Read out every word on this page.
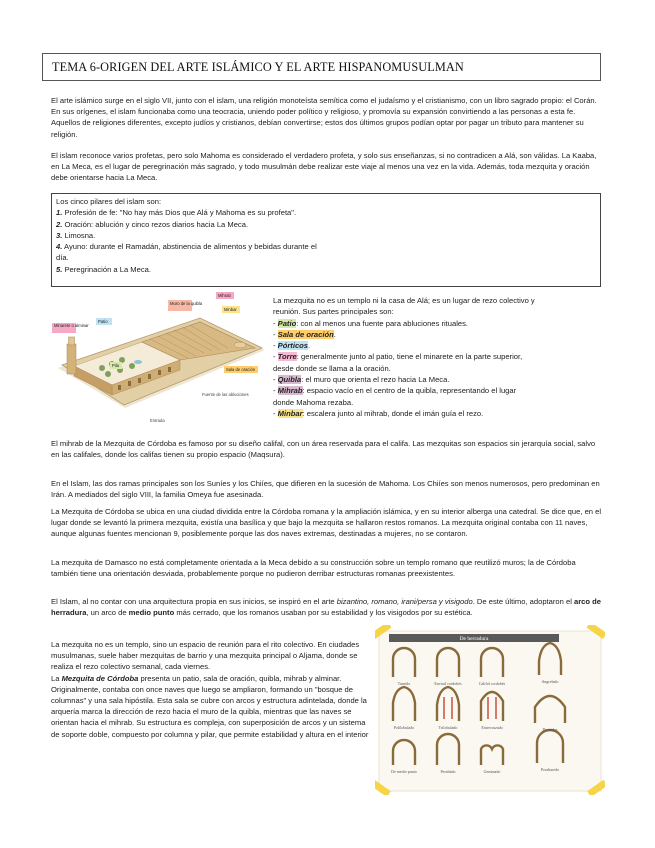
TEMA 6-ORIGEN DEL ARTE ISLÁMICO Y EL ARTE HISPANOMUSULMAN

El arte islámico surge en el siglo VII, junto con el islam, una religión monoteísta semítica como el judaísmo y el cristianismo, con un libro sagrado propio: el Corán. En sus orígenes, el islam funcionaba como una teocracia, uniendo poder político y religioso, y promovía su expansión convirtiendo a las personas a esta fe. Aquellos de religiones diferentes, excepto judíos y cristianos, debían convertirse; estos dos últimos grupos podían optar por pagar un tributo para mantener su religión.

El islam reconoce varios profetas, pero solo Mahoma es considerado el verdadero profeta, y solo sus enseñanzas, si no contradicen a Alá, son válidas. La Kaaba, en La Meca, es el lugar de peregrinación más sagrado, y todo musulmán debe realizar este viaje al menos una vez en la vida. Además, toda mezquita y oración debe orientarse hacia La Meca.

Los cinco pilares del islam son:
1. Profesión de fe: "No hay más Dios que Alá y Mahoma es su profeta".
2. Oración: ablución y cinco rezos diarios hacia La Meca.
3. Limosna.
4. Ayuno: durante el Ramadán, abstinencia de alimentos y bebidas durante el
día.
5. Peregrinación a La Meca.
Minarete o alminar
Patio
Muro de la quibla
Mihrab
Minbar
Sala de oración
Pila
Fuente de las abluciones
Entrada
La mezquita no es un templo ni la casa de Alá; es un lugar de rezo colectivo y
reunión. Sus partes principales son:
- Patio: con al menos una fuente para abluciones rituales.
- Sala de oración.
- Pórticos.
- Torre: generalmente junto al patio, tiene el minarete en la parte superior,
desde donde se llama a la oración.
- Quibla: el muro que orienta el rezo hacia La Meca.
- Mihrab: espacio vacío en el centro de la quibla, representando el lugar
donde Mahoma rezaba.
- Minbar: escalera junto al mihrab, donde el imán guía el rezo.

El mihrab de la Mezquita de Córdoba es famoso por su diseño califal, con un área reservada para el califa. Las mezquitas son espacios sin jerarquía social, salvo en las califales, donde los califas tienen su propio espacio (Maqsura).

En el Islam, las dos ramas principales son los Suníes y los Chiíes, que difieren en la sucesión de Mahoma. Los Chiíes son menos numerosos, pero predominan en Irán. A mediados del siglo VIII, la familia Omeya fue asesinada.

La Mezquita de Córdoba se ubica en una ciudad dividida entre la Córdoba romana y la ampliación islámica, y en su interior alberga una catedral. Se dice que, en el lugar donde se levantó la primera mezquita, existía una basílica y que bajo la mezquita se hallaron restos romanos. La mezquita original contaba con 11 naves, aunque algunas fuentes mencionan 9, posiblemente porque las dos naves extremas, destinadas a mujeres, no se contaron.

La mezquita de Damasco no está completamente orientada a la Meca debido a su construcción sobre un templo romano que reutilizó muros; la de Córdoba también tiene una orientación desviada, probablemente porque no pudieron derribar estructuras romanas preexistentes.

El Islam, al no contar con una arquitectura propia en sus inicios, se inspiró en el arte bizantino, romano, irani/persa y visigodo. De este último, adoptaron el arco de herradura, un arco de medio punto más cerrado, que los romanos usaban por su estabilidad y los visigodos por su estética.

La mezquita no es un templo, sino un espacio de reunión para el rito colectivo. En ciudades musulmanas, suele haber mezquitas de barrio y una mezquita principal o Aljama, donde se realiza el rezo colectivo semanal, cada viernes.

La Mezquita de Córdoba presenta un patio, sala de oración, quibla, mihrab y alminar. Originalmente, contaba con once naves que luego se ampliaron, formando un "bosque de columnas" y una sala hipóstila. Esta sala se cubre con arcos y estructura adintelada, donde la arquería marca la dirección de rezo hacia el muro de la quibla, mientras que las naves se orientan hacia el mihrab. Su estructura es compleja, con superposición de arcos y un sistema de soporte doble, compuesto por columna y pilar, que permite estabilidad y altura en el interior

De herradura
Tumido	Enviral cordobés	Califal cordobés	Angrelado
Polilobulado	Trilobulado	Entrecruzado	De ondas
De medio punto	Peraltado	Geminado	Peraltaredo
